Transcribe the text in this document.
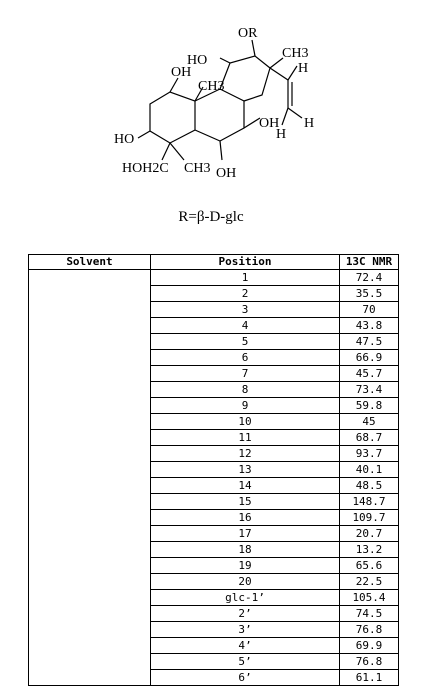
OR
CH3
H
HO
OH
CH3
OH H
H
HO
HOH2C CH3 OH
R=β-D-glc
Solvent	Position	13C NMR
	1	72.4
	2	35.5
	3	70
	4	43.8
	5	47.5
	6	66.9
	7	45.7
	8	73.4
	9	59.8
	10	45
	11	68.7
	12	93.7
	13	40.1
	14	48.5
	15	148.7
	16	109.7
	17	20.7
	18	13.2
	19	65.6
	20	22.5
	glc-1’	105.4
	2’	74.5
	3’	76.8
	4’	69.9
	5’	76.8
	6’	61.1
